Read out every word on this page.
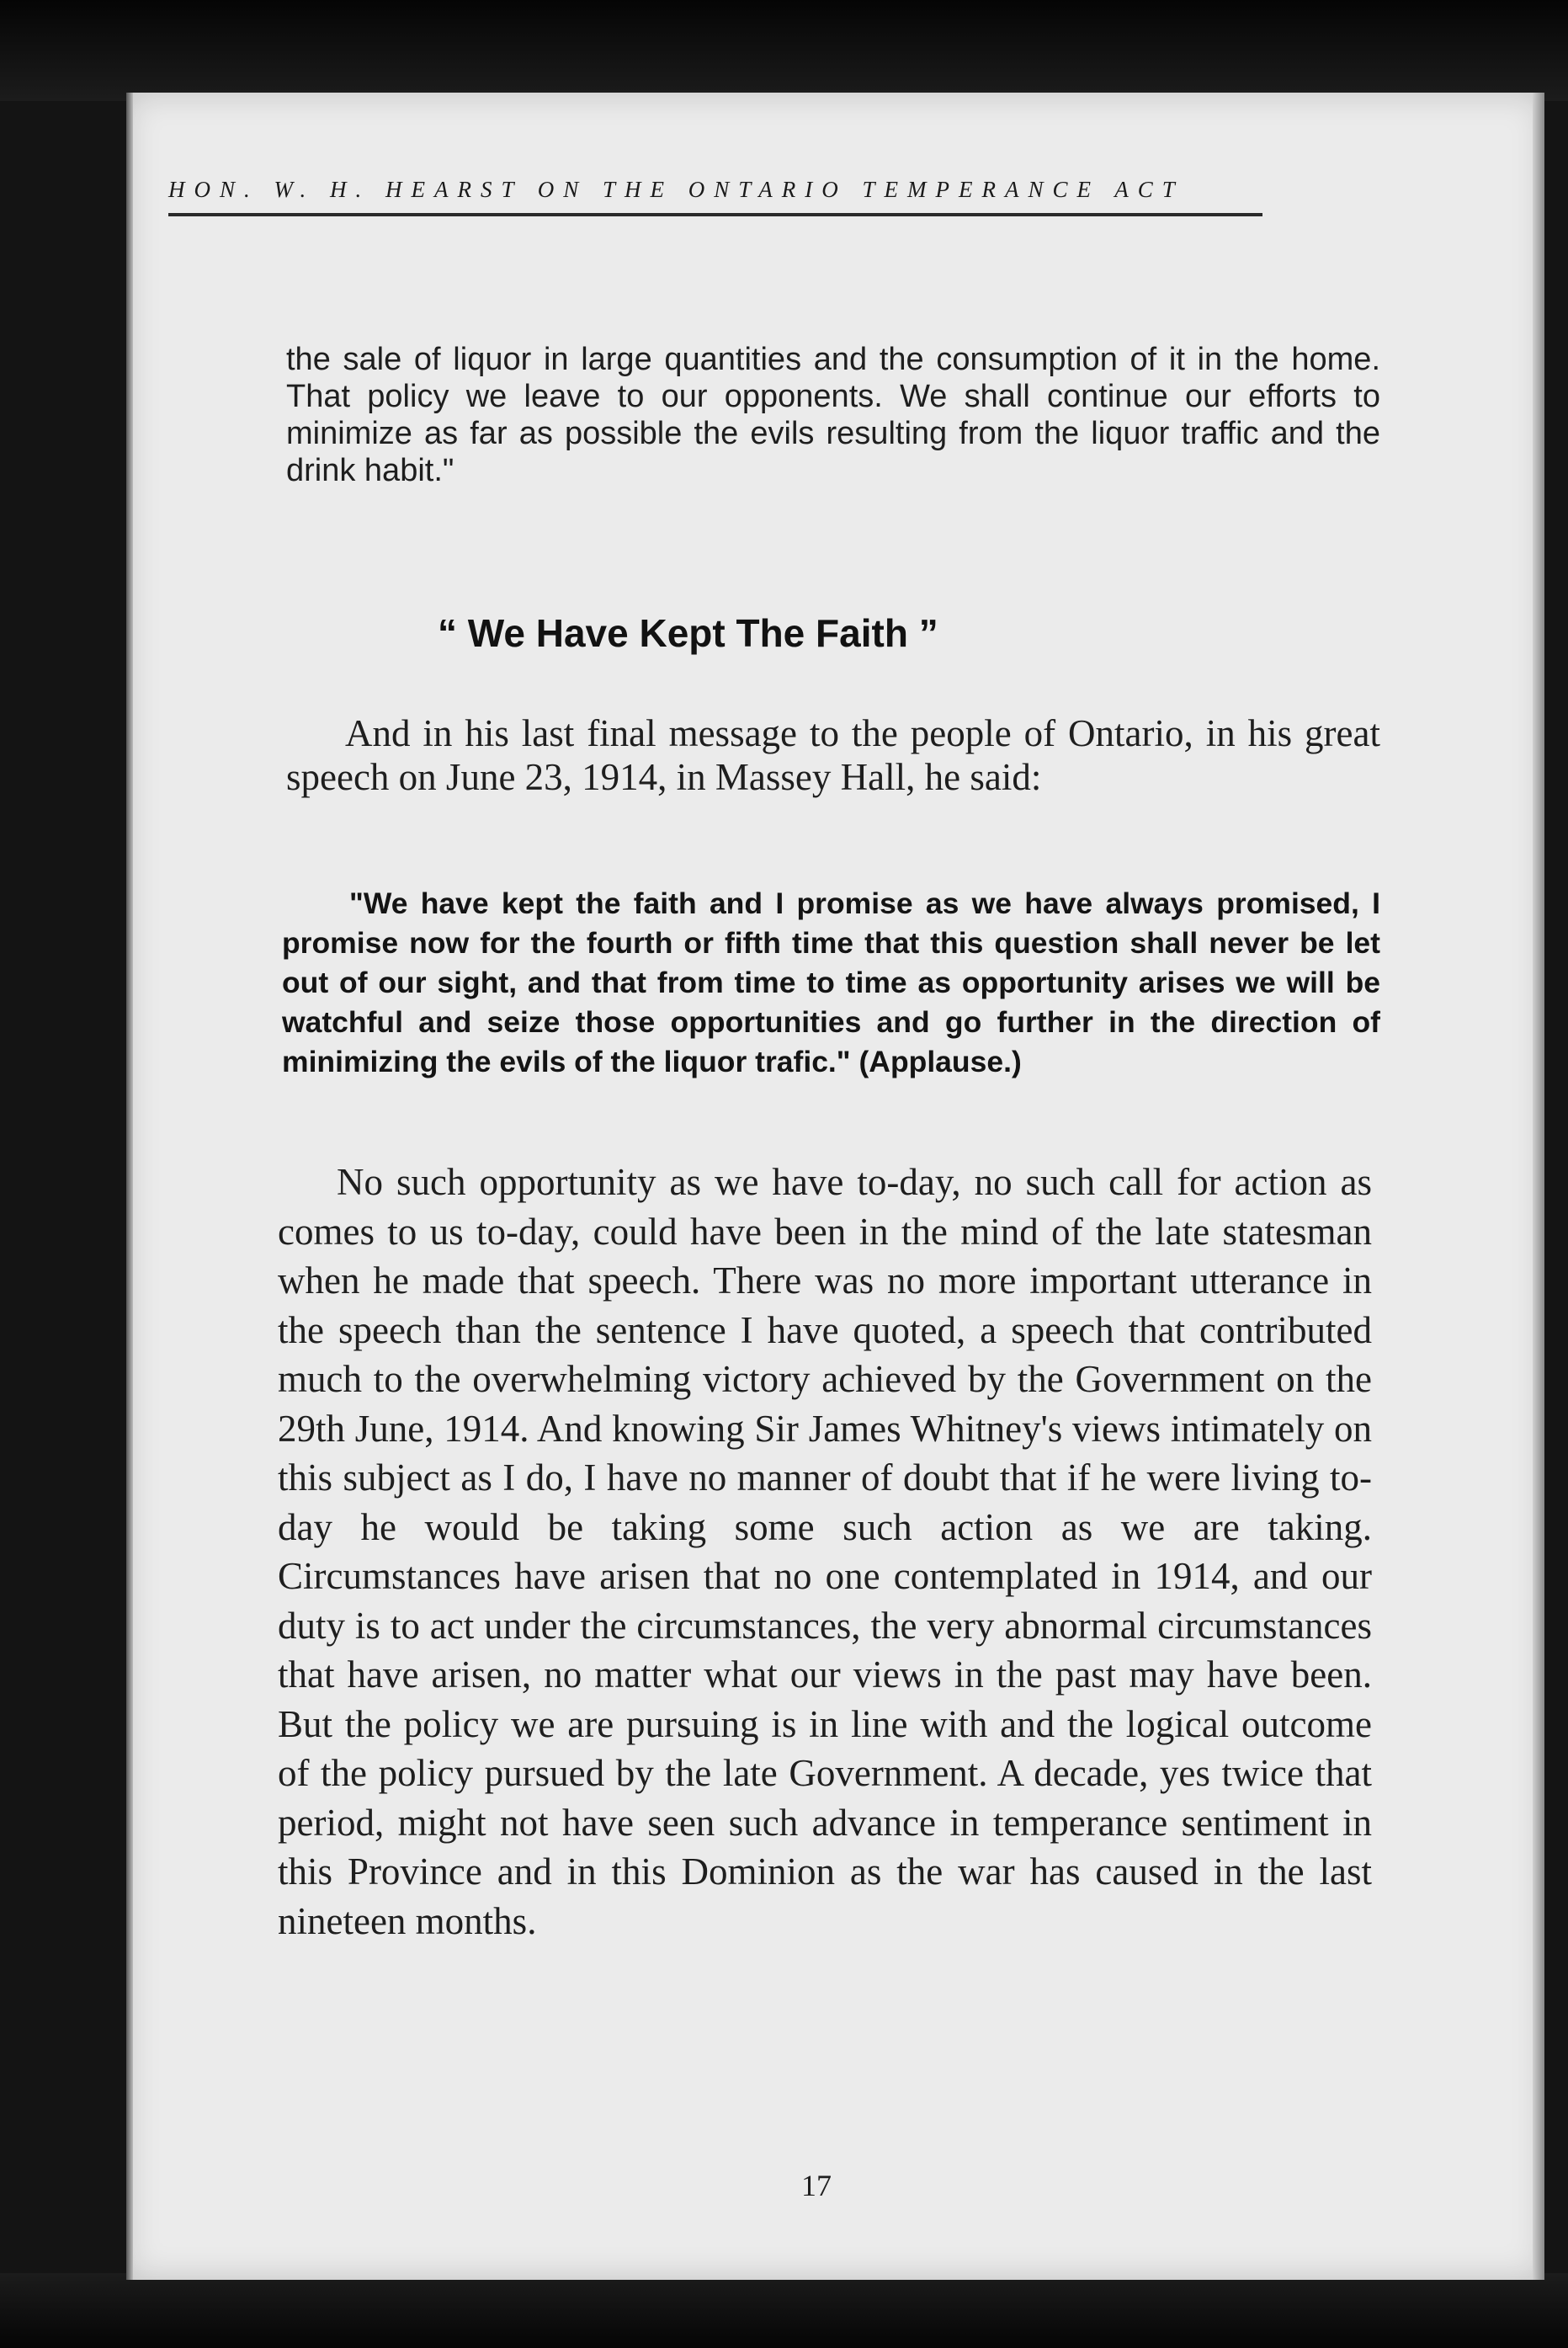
HON. W. H. HEARST ON THE ONTARIO TEMPERANCE ACT

the sale of liquor in large quantities and the consumption of it in the home. That policy we leave to our opponents. We shall continue our efforts to minimize as far as possible the evils resulting from the liquor traffic and the drink habit."

“ We Have Kept The Faith ”

And in his last final message to the people of Ontario, in his great speech on June 23, 1914, in Massey Hall, he said:

"We have kept the faith and I promise as we have always promised, I promise now for the fourth or fifth time that this question shall never be let out of our sight, and that from time to time as opportunity arises we will be watchful and seize those opportunities and go further in the direction of minimizing the evils of the liquor trafic." (Applause.)

No such opportunity as we have to-day, no such call for action as comes to us to-day, could have been in the mind of the late statesman when he made that speech. There was no more important utterance in the speech than the sentence I have quoted, a speech that contributed much to the overwhelming victory achieved by the Government on the 29th June, 1914. And knowing Sir James Whitney's views intimately on this subject as I do, I have no manner of doubt that if he were living to-day he would be taking some such action as we are taking. Circumstances have arisen that no one contemplated in 1914, and our duty is to act under the circumstances, the very abnormal circumstances that have arisen, no matter what our views in the past may have been. But the policy we are pursuing is in line with and the logical outcome of the policy pursued by the late Government. A decade, yes twice that period, might not have seen such advance in temperance sentiment in this Province and in this Dominion as the war has caused in the last nineteen months.

17
